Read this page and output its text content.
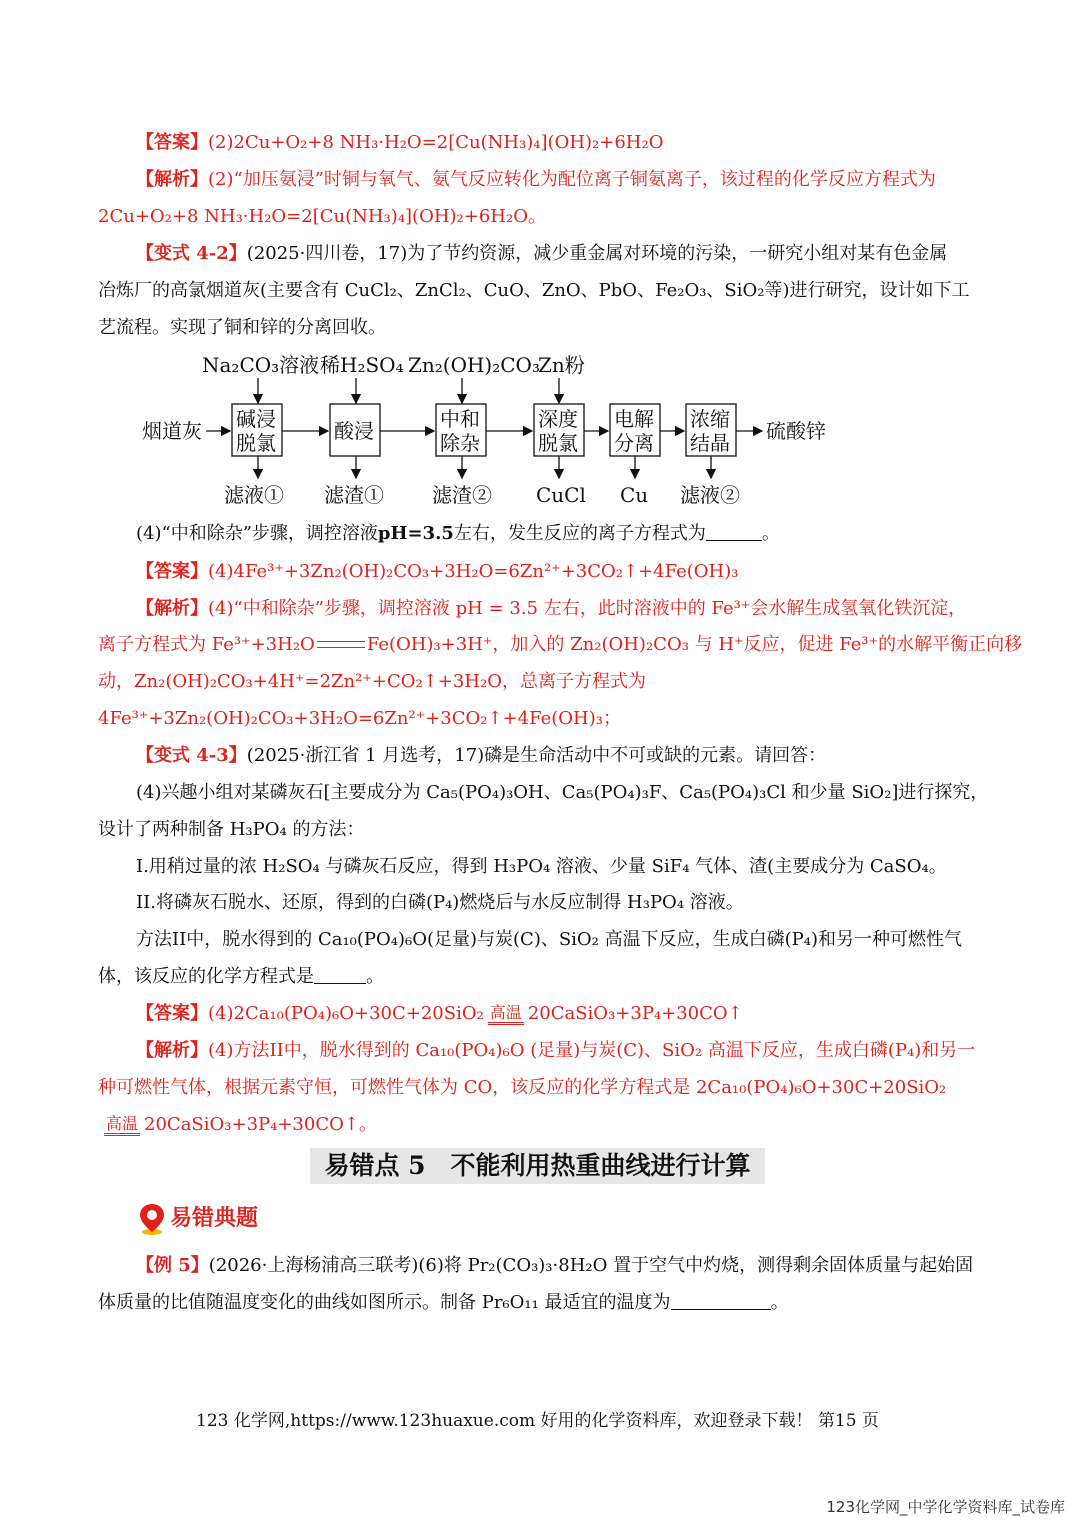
【答案】(2)2Cu+O₂+8 NH₃·H₂O=2[Cu(NH₃)₄](OH)₂+6H₂O
【解析】(2)“加压氨浸”时铜与氧气、氨气反应转化为配位离子铜氨离子，该过程的化学反应方程式为
2Cu+O₂+8 NH₃·H₂O=2[Cu(NH₃)₄](OH)₂+6H₂O。
【变式 4-2】(2025·四川卷，17)为了节约资源，减少重金属对环境的污染，一研究小组对某有色金属
冶炼厂的高氯烟道灰(主要含有 CuCl₂、ZnCl₂、CuO、ZnO、PbO、Fe₂O₃、SiO₂等)进行研究，设计如下工
艺流程。实现了铜和锌的分离回收。
Na₂CO₃溶液 稀H₂SO₄ Zn₂(OH)₂CO₃
Zn粉
烟道灰 碱浸
脱氯	酸浸	中和
除杂
深度
脱氯
电解
分离
浓缩
结晶 硫酸锌
滤液① 滤渣① 滤渣② CuCl Cu 滤液②
(4)“中和除杂”步骤，调控溶液pH=3.5左右，发生反应的离子方程式为	。
【答案】(4)4Fe³⁺+3Zn₂(OH)₂CO₃+3H₂O=6Zn²⁺+3CO₂↑+4Fe(OH)₃
【解析】(4)“中和除杂”步骤，调控溶液 pH = 3.5 左右，此时溶液中的 Fe³⁺会水解生成氢氧化铁沉淀，
离子方程式为 Fe³⁺+3H₂O	Fe(OH)₃+3H⁺，加入的 Zn₂(OH)₂CO₃ 与 H⁺反应，促进 Fe³⁺的水解平衡正向移
动，Zn₂(OH)₂CO₃+4H⁺=2Zn²⁺+CO₂↑+3H₂O，总离子方程式为
4Fe³⁺+3Zn₂(OH)₂CO₃+3H₂O=6Zn²⁺+3CO₂↑+4Fe(OH)₃；
【变式 4-3】(2025·浙江省 1 月选考，17)磷是生命活动中不可或缺的元素。请回答：
(4)兴趣小组对某磷灰石[主要成分为 Ca₅(PO₄)₃OH、Ca₅(PO₄)₃F、Ca₅(PO₄)₃Cl 和少量 SiO₂]进行探究，
设计了两种制备 H₃PO₄ 的方法：
I.用稍过量的浓 H₂SO₄ 与磷灰石反应，得到 H₃PO₄ 溶液、少量 SiF₄ 气体、渣(主要成分为 CaSO₄。
II.将磷灰石脱水、还原，得到的白磷(P₄)燃烧后与水反应制得 H₃PO₄ 溶液。
方法II中，脱水得到的 Ca₁₀(PO₄)₆O(足量)与炭(C)、SiO₂ 高温下反应，生成白磷(P₄)和另一种可燃性气
体，该反应的化学方程式是	。
【答案】(4)2Ca₁₀(PO₄)₆O+30C+20SiO₂ 高温 20CaSiO₃+3P₄+30CO↑
【解析】(4)方法II中，脱水得到的 Ca₁₀(PO₄)₆O (足量)与炭(C)、SiO₂ 高温下反应，生成白磷(P₄)和另一
种可燃性气体，根据元素守恒，可燃性气体为 CO，该反应的化学方程式是 2Ca₁₀(PO₄)₆O+30C+20SiO₂
高温 20CaSiO₃+3P₄+30CO↑。
易错点 5　不能利用热重曲线进行计算
易错典题
【例 5】(2026·上海杨浦高三联考)(6)将 Pr₂(CO₃)₃·8H₂O 置于空气中灼烧，测得剩余固体质量与起始固
体质量的比值随温度变化的曲线如图所示。制备 Pr₆O₁₁ 最适宜的温度为	。
123 化学网,https://www.123huaxue.com 好用的化学资料库，欢迎登录下载！ 第15 页
123化学网_中学化学资料库_试卷库
